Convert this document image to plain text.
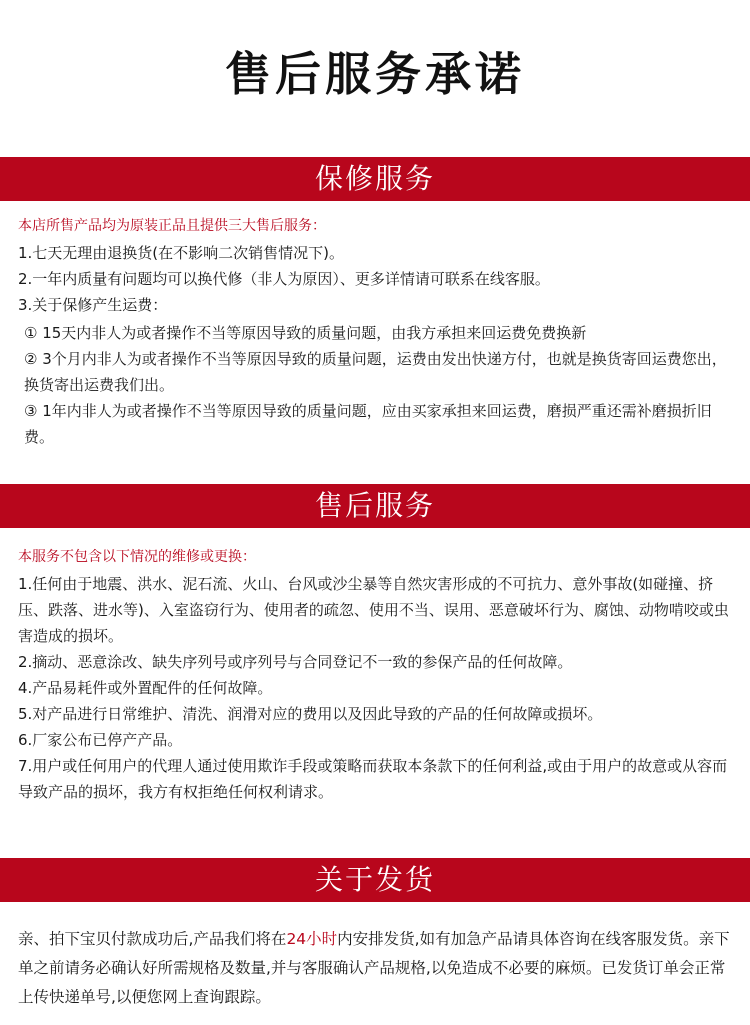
售后服务承诺
保修服务
本店所售产品均为原装正品且提供三大售后服务：

1.七天无理由退换货(在不影响二次销售情况下)。

2.一年内质量有问题均可以换代修（非人为原因）、更多详情请可联系在线客服。

3.关于保修产生运费：

① 15天内非人为或者操作不当等原因导致的质量问题，由我方承担来回运费免费换新

② 3个月内非人为或者操作不当等原因导致的质量问题，运费由发出快递方付，也就是换货寄回运费您出，换货寄出运费我们出。

③ 1年内非人为或者操作不当等原因导致的质量问题，应由买家承担来回运费，磨损严重还需补磨损折旧费。

售后服务
本服务不包含以下情况的维修或更换：

1.任何由于地震、洪水、泥石流、火山、台风或沙尘暴等自然灾害形成的不可抗力、意外事故(如碰撞、挤压、跌落、进水等)、入室盗窃行为、使用者的疏忽、使用不当、误用、恶意破坏行为、腐蚀、动物啃咬或虫害造成的损坏。

2.摘动、恶意涂改、缺失序列号或序列号与合同登记不一致的参保产品的任何故障。

4.产品易耗件或外置配件的任何故障。

5.对产品进行日常维护、清洗、润滑对应的费用以及因此导致的产品的任何故障或损坏。

6.厂家公布已停产产品。

7.用户或任何用户的代理人通过使用欺诈手段或策略而获取本条款下的任何利益,或由于用户的故意或从容而导致产品的损坏，我方有权拒绝任何权利请求。

关于发货
亲、拍下宝贝付款成功后,产品我们将在24小时内安排发货,如有加急产品请具体咨询在线客服发货。亲下单之前请务必确认好所需规格及数量,并与客服确认产品规格,以免造成不必要的麻烦。已发货订单会正常上传快递单号,以便您网上查询跟踪。
